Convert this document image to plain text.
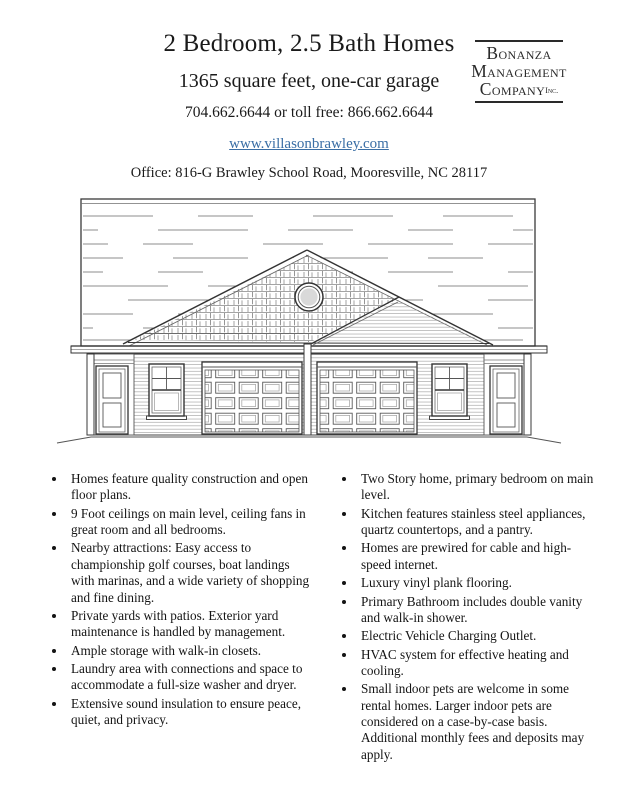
2 Bedroom, 2.5 Bath Homes
1365 square feet, one-car garage
704.662.6644 or toll free: 866.662.6644
www.villasonbrawley.com
Office: 816-G Brawley School Road, Mooresville, NC 28117
Bonanza
Management
CompanyInc.
• Homes feature quality construction and open floor plans.
• 9 Foot ceilings on main level, ceiling fans in great room and all bedrooms.
• Nearby attractions: Easy access to championship golf courses, boat landings with marinas, and a wide variety of shopping and fine dining.
• Private yards with patios. Exterior yard maintenance is handled by management.
• Ample storage with walk-in closets.
• Laundry area with connections and space to accommodate a full-size washer and dryer.
• Extensive sound insulation to ensure peace, quiet, and privacy.
• Two Story home, primary bedroom on main level.
• Kitchen features stainless steel appliances, quartz countertops, and a pantry.
• Homes are prewired for cable and high-speed internet.
• Luxury vinyl plank flooring.
• Primary Bathroom includes double vanity and walk-in shower.
• Electric Vehicle Charging Outlet.
• HVAC system for effective heating and cooling.
• Small indoor pets are welcome in some rental homes. Larger indoor pets are considered on a case-by-case basis. Additional monthly fees and deposits may apply.
